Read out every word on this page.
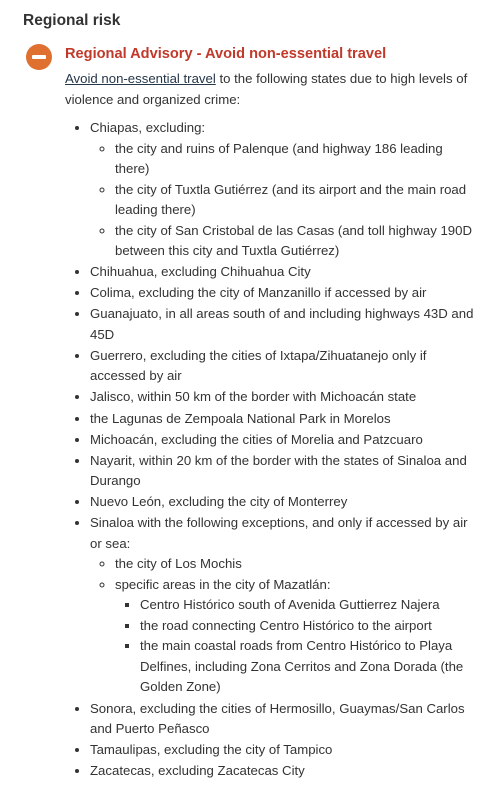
Regional risk
Regional Advisory - Avoid non-essential travel

Avoid non-essential travel to the following states due to high levels of violence and organized crime:

• Chiapas, excluding:
◦ the city and ruins of Palenque (and highway 186 leading there)
◦ the city of Tuxtla Gutiérrez (and its airport and the main road leading there)
◦ the city of San Cristobal de las Casas (and toll highway 190D between this city and Tuxtla Gutiérrez)
• Chihuahua, excluding Chihuahua City
• Colima, excluding the city of Manzanillo if accessed by air
• Guanajuato, in all areas south of and including highways 43D and 45D
• Guerrero, excluding the cities of Ixtapa/Zihuatanejo only if accessed by air
• Jalisco, within 50 km of the border with Michoacán state
• the Lagunas de Zempoala National Park in Morelos
• Michoacán, excluding the cities of Morelia and Patzcuaro
• Nayarit, within 20 km of the border with the states of Sinaloa and Durango
• Nuevo León, excluding the city of Monterrey
• Sinaloa with the following exceptions, and only if accessed by air or sea:
◦ the city of Los Mochis
◦ specific areas in the city of Mazatlán:
▪ Centro Histórico south of Avenida Guttierrez Najera
▪ the road connecting Centro Histórico to the airport
▪ the main coastal roads from Centro Histórico to Playa Delfines, including Zona Cerritos and Zona Dorada (the Golden Zone)
• Sonora, excluding the cities of Hermosillo, Guaymas/San Carlos and Puerto Peñasco
• Tamaulipas, excluding the city of Tampico
• Zacatecas, excluding Zacatecas City
